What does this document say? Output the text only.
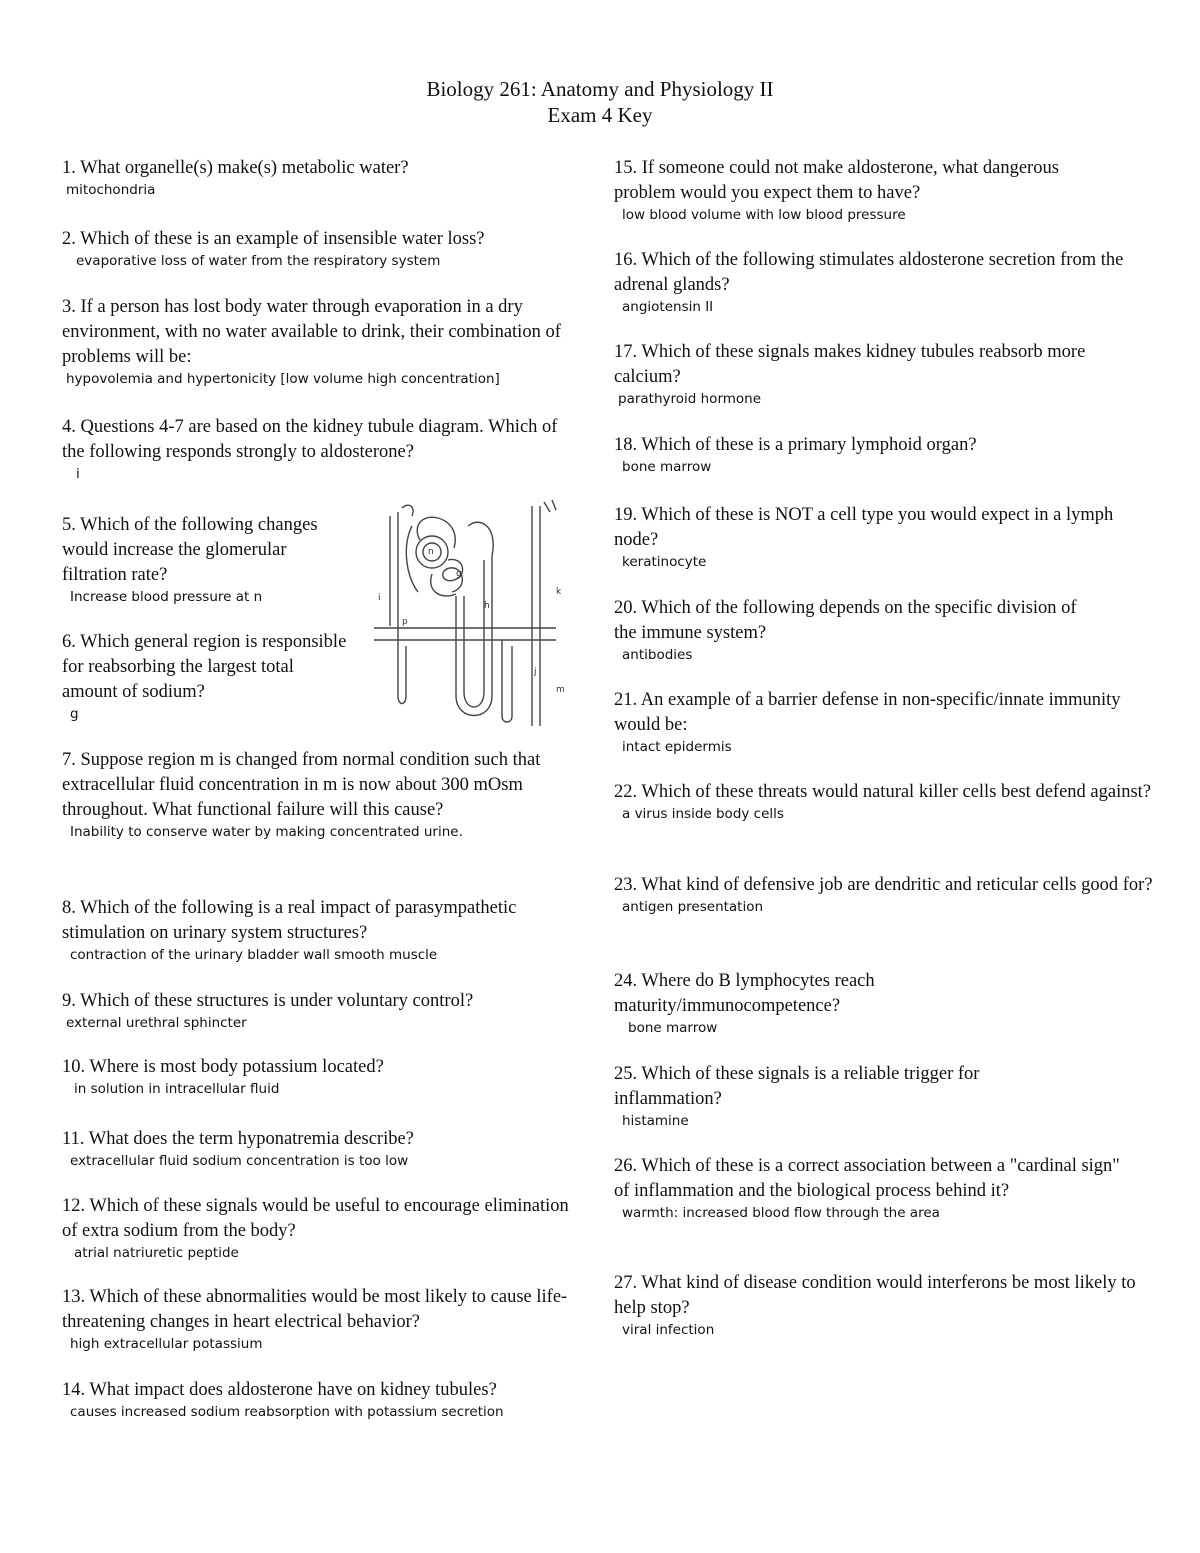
Biology 261: Anatomy and Physiology II
Exam 4 Key
1. What organelle(s) make(s) metabolic water?
mitochondria
2. Which of these is an example of insensible water loss?
evaporative loss of water from the respiratory system
3. If a person has lost body water through evaporation in a dry environment, with no water available to drink, their combination of problems will be:
hypovolemia and hypertonicity [low volume high concentration]
4. Questions 4-7 are based on the kidney tubule diagram. Which of the following responds strongly to aldosterone?
i
5. Which of the following changes would increase the glomerular filtration rate?
Increase blood pressure at n
6. Which general region is responsible for reabsorbing the largest total amount of sodium?
g
7. Suppose region m is changed from normal condition such that extracellular fluid concentration in m is now about 300 mOsm throughout. What functional failure will this cause?
Inability to conserve water by making concentrated urine.
8. Which of the following is a real impact of parasympathetic stimulation on urinary system structures?
contraction of the urinary bladder wall smooth muscle
9. Which of these structures is under voluntary control?
external urethral sphincter
10. Where is most body potassium located?
in solution in intracellular fluid
11. What does the term hyponatremia describe?
extracellular fluid sodium concentration is too low
12. Which of these signals would be useful to encourage elimination of extra sodium from the body?
atrial natriuretic peptide
13. Which of these abnormalities would be most likely to cause life-threatening changes in heart electrical behavior?
high extracellular potassium
14. What impact does aldosterone have on kidney tubules?
causes increased sodium reabsorption with potassium secretion
n
p
h
k
j
m
g
i
15. If someone could not make aldosterone, what dangerous problem would you expect them to have?
low blood volume with low blood pressure
16. Which of the following stimulates aldosterone secretion from the adrenal glands?
angiotensin II
17. Which of these signals makes kidney tubules reabsorb more calcium?
parathyroid hormone
18. Which of these is a primary lymphoid organ?
bone marrow
19. Which of these is NOT a cell type you would expect in a lymph node?
keratinocyte
20. Which of the following depends on the specific division of the immune system?
antibodies
21. An example of a barrier defense in non-specific/innate immunity would be:
intact epidermis
22. Which of these threats would natural killer cells best defend against?
a virus inside body cells
23. What kind of defensive job are dendritic and reticular cells good for?
antigen presentation
24. Where do B lymphocytes reach maturity/immunocompetence?
bone marrow
25. Which of these signals is a reliable trigger for inflammation?
histamine
26. Which of these is a correct association between a "cardinal sign" of inflammation and the biological process behind it?
warmth: increased blood flow through the area
27. What kind of disease condition would interferons be most likely to help stop?
viral infection
